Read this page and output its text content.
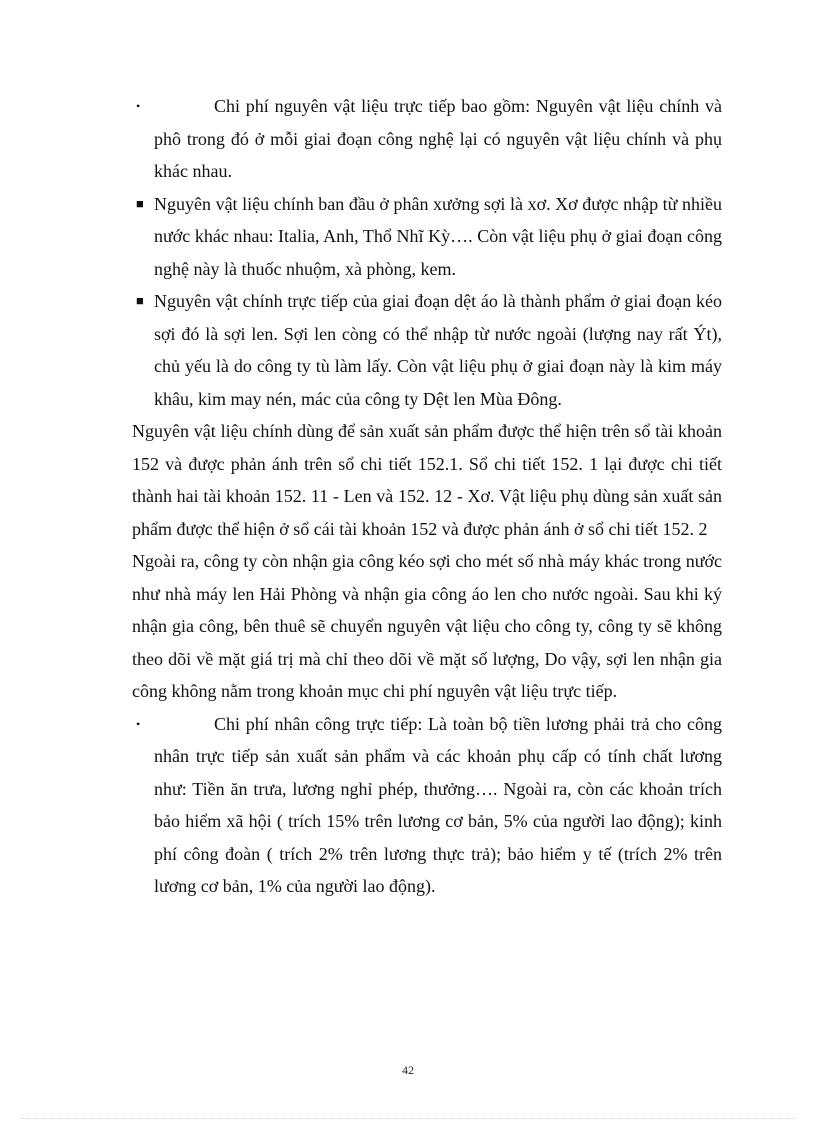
•	Chi phí nguyên vật liệu trực tiếp bao gồm: Nguyên vật liệu chính và phô trong đó ở mỗi giai đoạn công nghệ lại có nguyên vật liệu chính và phụ khác nhau.
■ Nguyên vật liệu chính ban đầu ở phân xưởng sợi là xơ. Xơ được nhập từ nhiều nước khác nhau: Italia, Anh, Thổ Nhĩ Kỳ…. Còn vật liệu phụ ở giai đoạn công nghệ này là thuốc nhuộm, xà phòng, kem.
■ Nguyên vật chính trực tiếp của giai đoạn dệt áo là thành phẩm ở giai đoạn kéo sợi đó là sợi len. Sợi len còng có thể nhập từ nước ngoài (lượng nay rất Ýt), chủ yếu là do công ty tù làm lấy. Còn vật liệu phụ ở giai đoạn này là kim máy khâu, kim may nén, mác của công ty Dệt len Mùa Đông.

Nguyên vật liệu chính dùng để sản xuất sản phẩm được thể hiện trên sổ tài khoản 152 và được phản ánh trên sổ chi tiết 152.1. Sổ chi tiết 152. 1 lại được chi tiết thành hai tài khoản 152. 11 - Len và 152. 12 - Xơ. Vật liệu phụ dùng sản xuất sản phẩm được thể hiện ở sổ cái tài khoản 152 và được phản ánh ở sổ chi tiết 152. 2

Ngoài ra, công ty còn nhận gia công kéo sợi cho mét số nhà máy khác trong nước như nhà máy len Hải Phòng và nhận gia công áo len cho nước ngoài. Sau khi ký nhận gia công, bên thuê sẽ chuyển nguyên vật liệu cho công ty, công ty sẽ không theo dõi về mặt giá trị mà chỉ theo dõi về mặt số lượng, Do vậy, sợi len nhận gia công không nằm trong khoản mục chi phí nguyên vật liệu trực tiếp.

•	Chi phí nhân công trực tiếp: Là toàn bộ tiền lương phải trả cho công nhân trực tiếp sản xuất sản phẩm và các khoản phụ cấp có tính chất lương như: Tiền ăn trưa, lương nghỉ phép, thưởng…. Ngoài ra, còn các khoản trích bảo hiểm xã hội ( trích 15% trên lương cơ bản, 5% của người lao động); kinh phí công đoàn ( trích 2% trên lương thực trả); bảo hiểm y tế (trích 2% trên lương cơ bản, 1% của người lao động).
42
